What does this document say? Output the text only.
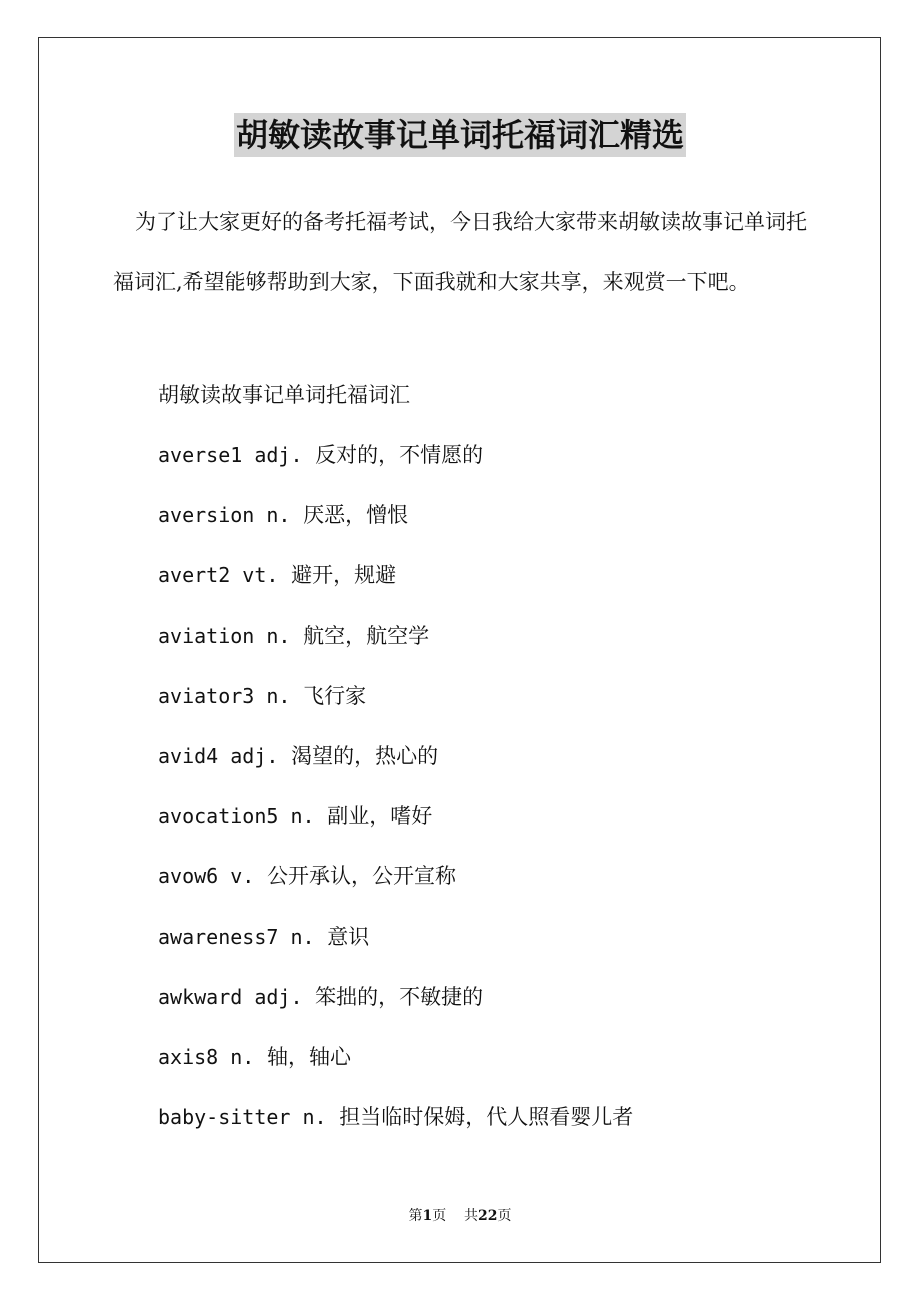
胡敏读故事记单词托福词汇精选

为了让大家更好的备考托福考试，今日我给大家带来胡敏读故事记单词托福词汇,希望能够帮助到大家，下面我就和大家共享，来观赏一下吧。

胡敏读故事记单词托福词汇

averse1 adj. 反对的，不情愿的
aversion n. 厌恶，憎恨
avert2 vt. 避开，规避
aviation n. 航空，航空学
aviator3 n. 飞行家
avid4 adj. 渴望的，热心的
avocation5 n. 副业，嗜好
avow6 v. 公开承认，公开宣称
awareness7 n. 意识
awkward adj. 笨拙的，不敏捷的
axis8 n. 轴，轴心
baby-sitter n. 担当临时保姆，代人照看婴儿者
第1页 共22页
